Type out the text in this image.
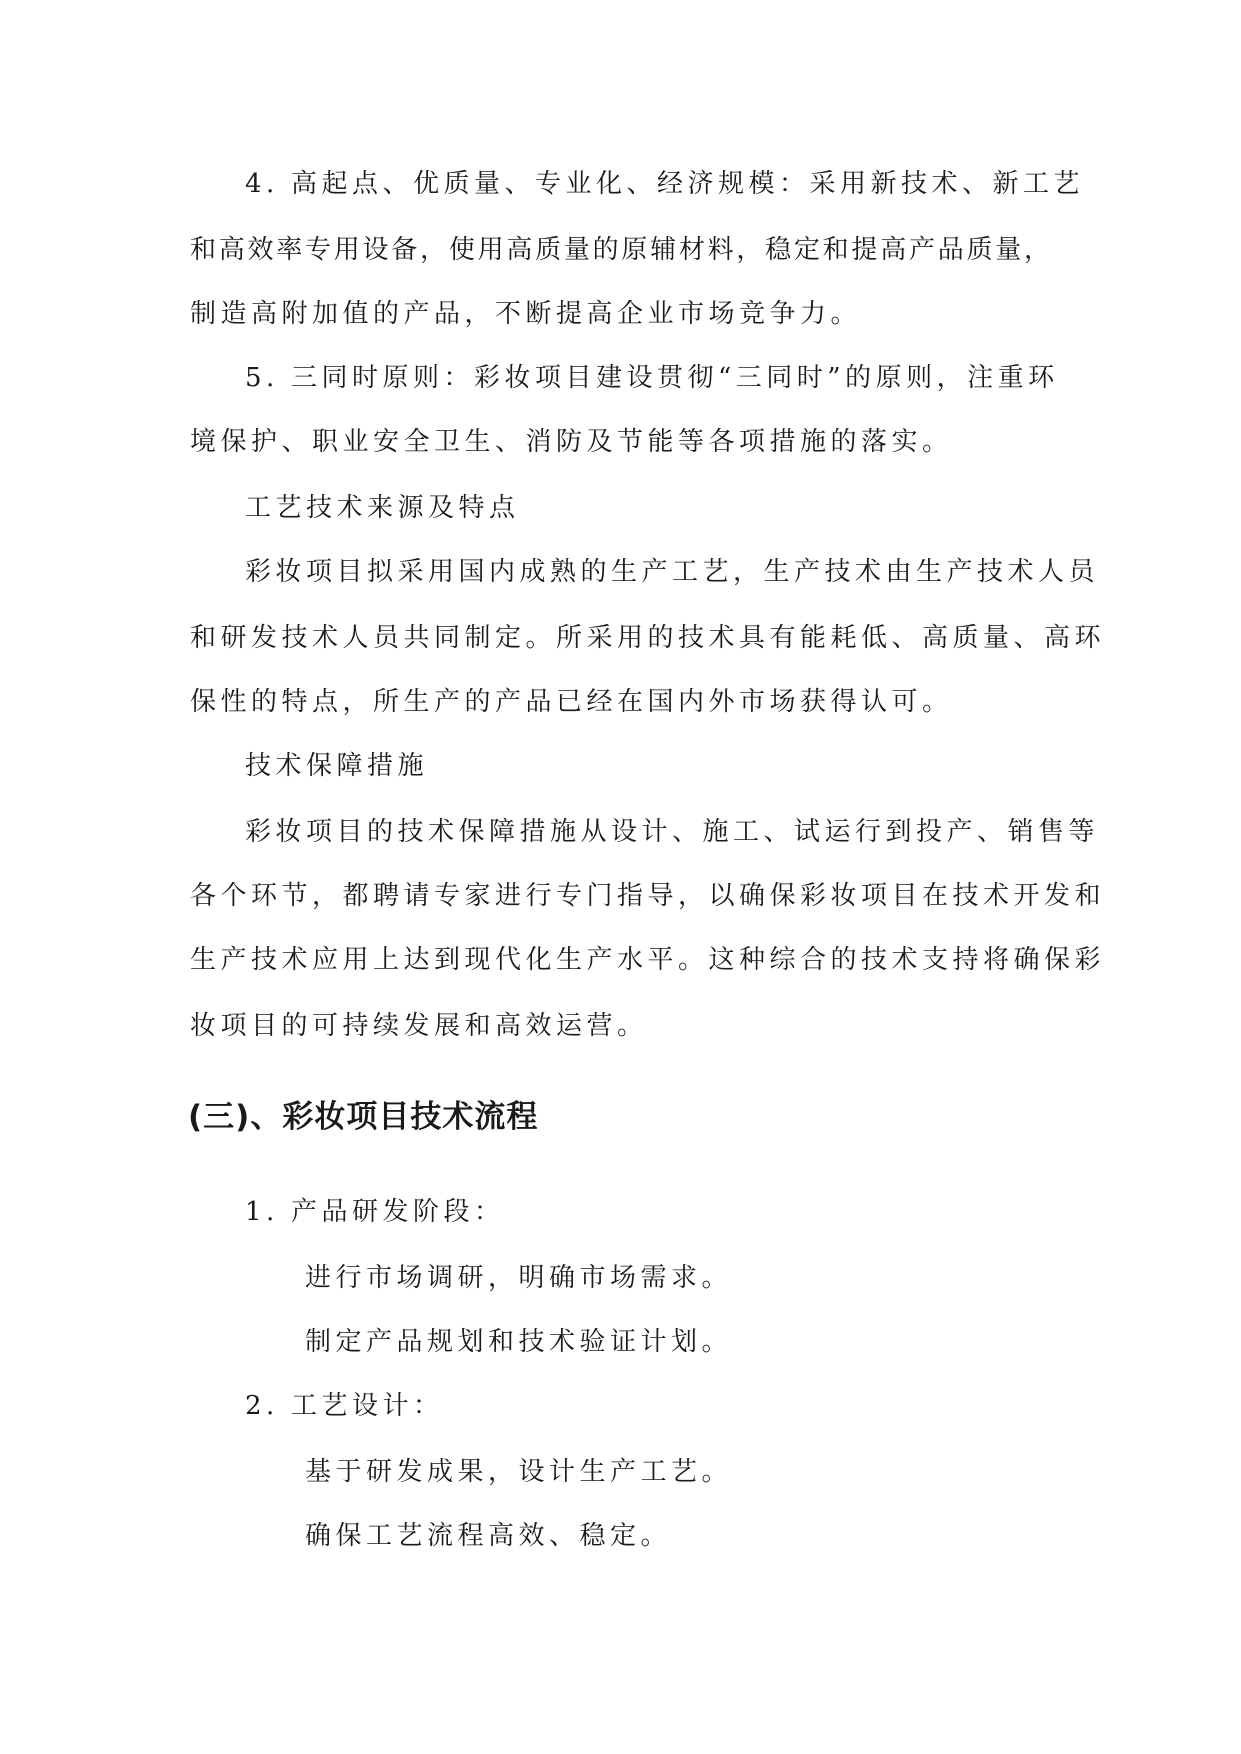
4. 高起点、优质量、专业化、经济规模：采用新技术、新工艺
和高效率专用设备，使用高质量的原辅材料，稳定和提高产品质量，
制造高附加值的产品，不断提高企业市场竞争力。
5. 三同时原则：彩妆项目建设贯彻“三同时”的原则，注重环
境保护、职业安全卫生、消防及节能等各项措施的落实。
工艺技术来源及特点
彩妆项目拟采用国内成熟的生产工艺，生产技术由生产技术人员
和研发技术人员共同制定。所采用的技术具有能耗低、高质量、高环
保性的特点，所生产的产品已经在国内外市场获得认可。
技术保障措施
彩妆项目的技术保障措施从设计、施工、试运行到投产、销售等
各个环节，都聘请专家进行专门指导，以确保彩妆项目在技术开发和
生产技术应用上达到现代化生产水平。这种综合的技术支持将确保彩
妆项目的可持续发展和高效运营。
(三)、彩妆项目技术流程
1. 产品研发阶段：
进行市场调研，明确市场需求。
制定产品规划和技术验证计划。
2. 工艺设计：
基于研发成果，设计生产工艺。
确保工艺流程高效、稳定。
